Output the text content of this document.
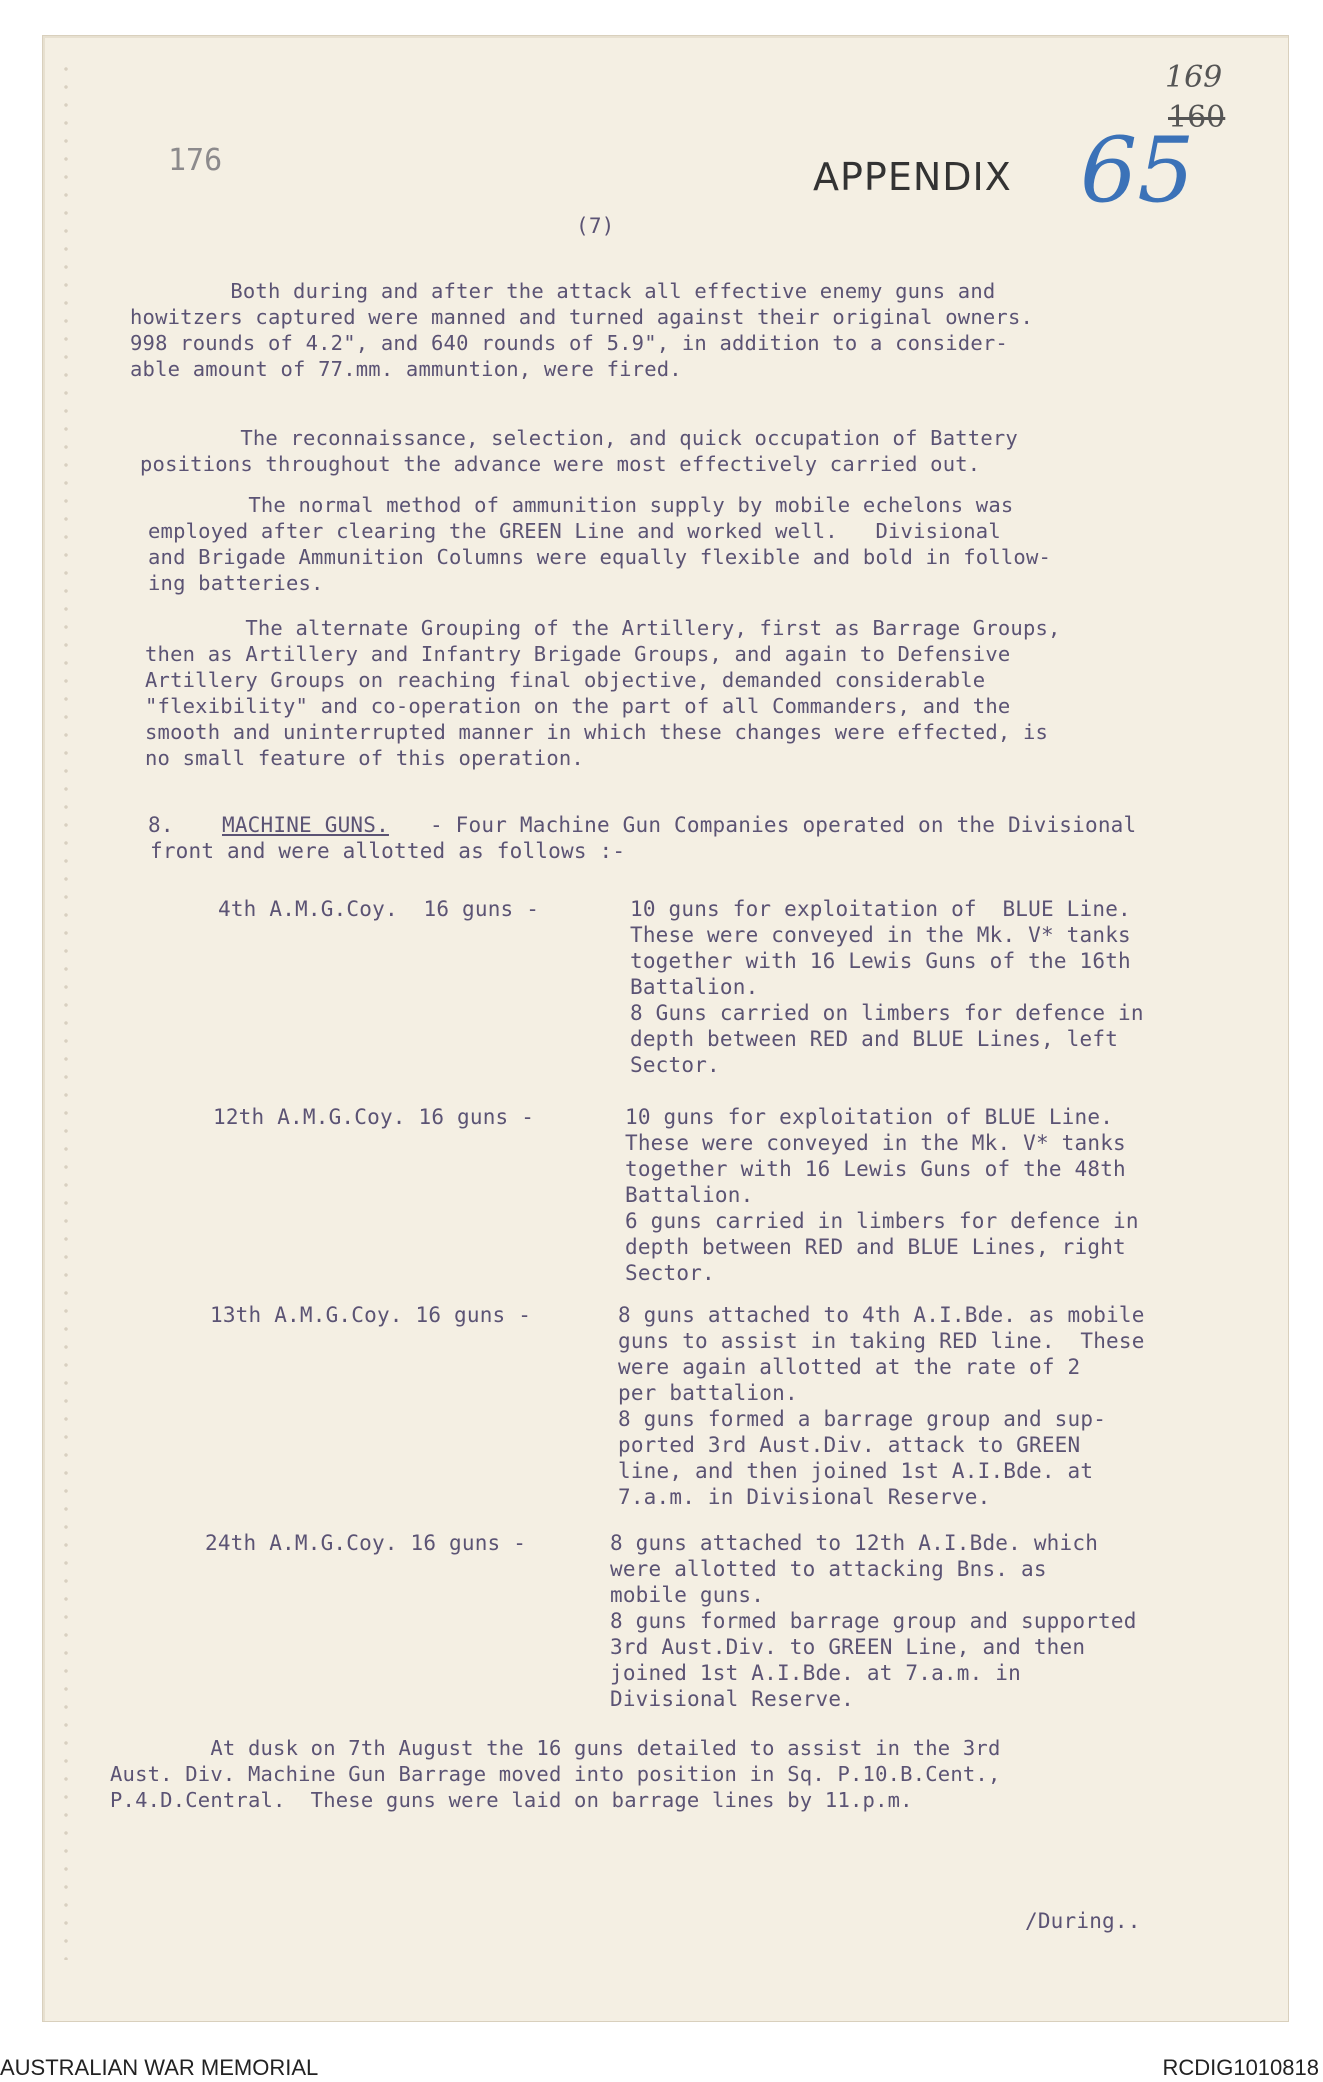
176	APPENDIX 65
169
160
(7)
Both during and after the attack all effective enemy guns and
howitzers captured were manned and turned against their original owners.
998 rounds of 4.2", and 640 rounds of 5.9", in addition to a consider-
able amount of 77.mm. ammuntion, were fired.
The reconnaissance, selection, and quick occupation of Battery
positions throughout the advance were most effectively carried out.
The normal method of ammunition supply by mobile echelons was
employed after clearing the GREEN Line and worked well.   Divisional
and Brigade Ammunition Columns were equally flexible and bold in follow-
ing batteries.
The alternate Grouping of the Artillery, first as Barrage Groups,
then as Artillery and Infantry Brigade Groups, and again to Defensive
Artillery Groups on reaching final objective, demanded considerable
"flexibility" and co-operation on the part of all Commanders, and the
smooth and uninterrupted manner in which these changes were effected, is
no small feature of this operation.
8. MACHINE GUNS.	- Four Machine Gun Companies operated on the Divisional
front and were allotted as follows :-
4th A.M.G.Coy.  16 guns -	10 guns for exploitation of  BLUE Line.
These were conveyed in the Mk. V* tanks
together with 16 Lewis Guns of the 16th
Battalion.
8 Guns carried on limbers for defence in
depth between RED and BLUE Lines, left
Sector.
12th A.M.G.Coy. 16 guns -	10 guns for exploitation of BLUE Line.
These were conveyed in the Mk. V* tanks
together with 16 Lewis Guns of the 48th
Battalion.
6 guns carried in limbers for defence in
depth between RED and BLUE Lines, right
Sector.
13th A.M.G.Coy. 16 guns -	8 guns attached to 4th A.I.Bde. as mobile
guns to assist in taking RED line.  These
were again allotted at the rate of 2
per battalion.
8 guns formed a barrage group and sup-
ported 3rd Aust.Div. attack to GREEN
line, and then joined 1st A.I.Bde. at
7.a.m. in Divisional Reserve.
24th A.M.G.Coy. 16 guns -	8 guns attached to 12th A.I.Bde. which
were allotted to attacking Bns. as
mobile guns.
8 guns formed barrage group and supported
3rd Aust.Div. to GREEN Line, and then
joined 1st A.I.Bde. at 7.a.m. in
Divisional Reserve.
At dusk on 7th August the 16 guns detailed to assist in the 3rd
Aust. Div. Machine Gun Barrage moved into position in Sq. P.10.B.Cent.,
P.4.D.Central.  These guns were laid on barrage lines by 11.p.m.
/During..
AUSTRALIAN WAR MEMORIAL	RCDIG1010818
